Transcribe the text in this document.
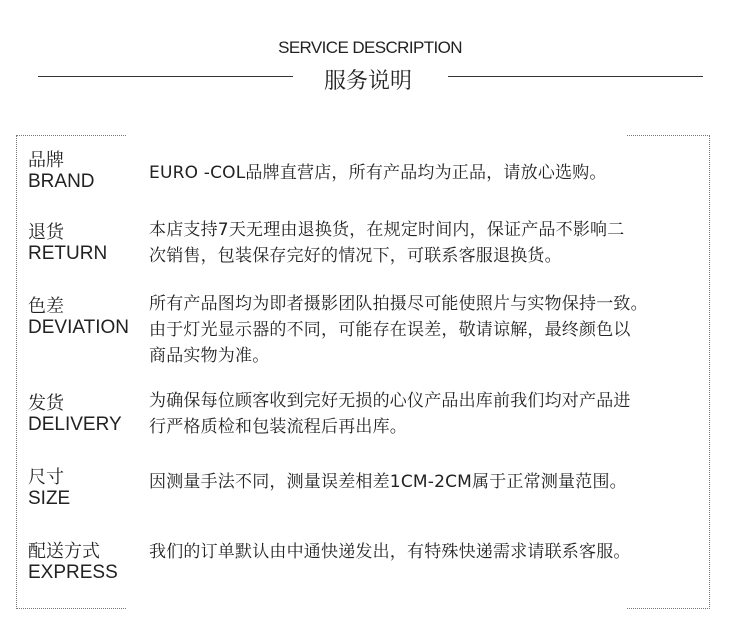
SERVICE DESCRIPTION
服务说明
品牌
BRAND	EURO -COL品牌直营店，所有产品均为正品，请放心选购。
退货
RETURN
本店支持7天无理由退换货，在规定时间内，保证产品不影响二
次销售，包装保存完好的情况下，可联系客服退换货。
色差
DEVIATION
所有产品图均为即者摄影团队拍摄尽可能使照片与实物保持一致。
由于灯光显示器的不同，可能存在误差，敬请谅解，最终颜色以
商品实物为准。
发货
DELIVERY
为确保每位顾客收到完好无损的心仪产品出库前我们均对产品进
行严格质检和包装流程后再出库。
尺寸
SIZE
因测量手法不同，测量误差相差1CM-2CM属于正常测量范围。
配送方式
EXPRESS
我们的订单默认由中通快递发出，有特殊快递需求请联系客服。
